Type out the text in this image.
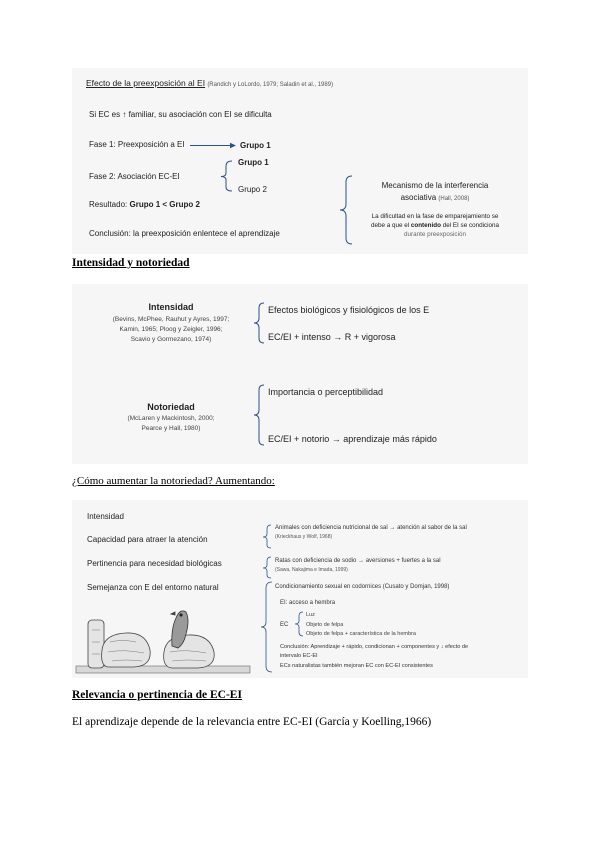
Efecto de la preexposición al EI (Randich y LoLordo, 1979; Saladin et al., 1989)
Si EC es ↑ familiar, su asociación con EI se dificulta
Fase 1: Preexposición a EI	Grupo 1
Fase 2: Asociación EC-EI
Grupo 1
Grupo 2
Resultado: Grupo 1 < Grupo 2
Conclusión: la preexposición enlentece el aprendizaje
Mecanismo de la interferencia
asociativa (Hall, 2008)
La dificultad en la fase de emparejamiento se
debe a que el contenido del EI se condiciona
durante preexposición
Intensidad y notoriedad
Intensidad
(Bevins, McPhee, Rauhut y Ayres, 1997;
Kamin, 1965; Ploog y Zeigler, 1996;
Scavio y Gormezano, 1974)
Efectos biológicos y fisiológicos de los E
EC/EI + intenso → R + vigorosa
Notoriedad
(McLaren y Mackintosh, 2000;
Pearce y Hall, 1980)
Importancia o perceptibilidad
EC/EI + notorio → aprendizaje más rápido
¿Cómo aumentar la notoriedad? Aumentando:
Intensidad
Capacidad para atraer la atención
Pertinencia para necesidad biológicas
Semejanza con E del entorno natural
Animales con deficiencia nutricional de sal → atención al sabor de la sal
(Krieckhaus y Wolf, 1968)
Ratas con deficiencia de sodio → aversiones + fuertes a la sal
(Sawa, Nakajima e Imada, 1999)
Condicionamiento sexual en codornices (Cusato y Domjan, 1998)
EI: acceso a hembra
EC
Luz
Objeto de felpa
Objeto de felpa + característica de la hembra
Conclusión: Aprendizaje + rápido, condicionan + componentes y ↓ efecto de
intervalo EC-EI
ECs naturalistas también mejoran EC con EC-EI consistentes
Relevancia o pertinencia de EC-EI
El aprendizaje depende de la relevancia entre EC-EI (García y Koelling,1966)
